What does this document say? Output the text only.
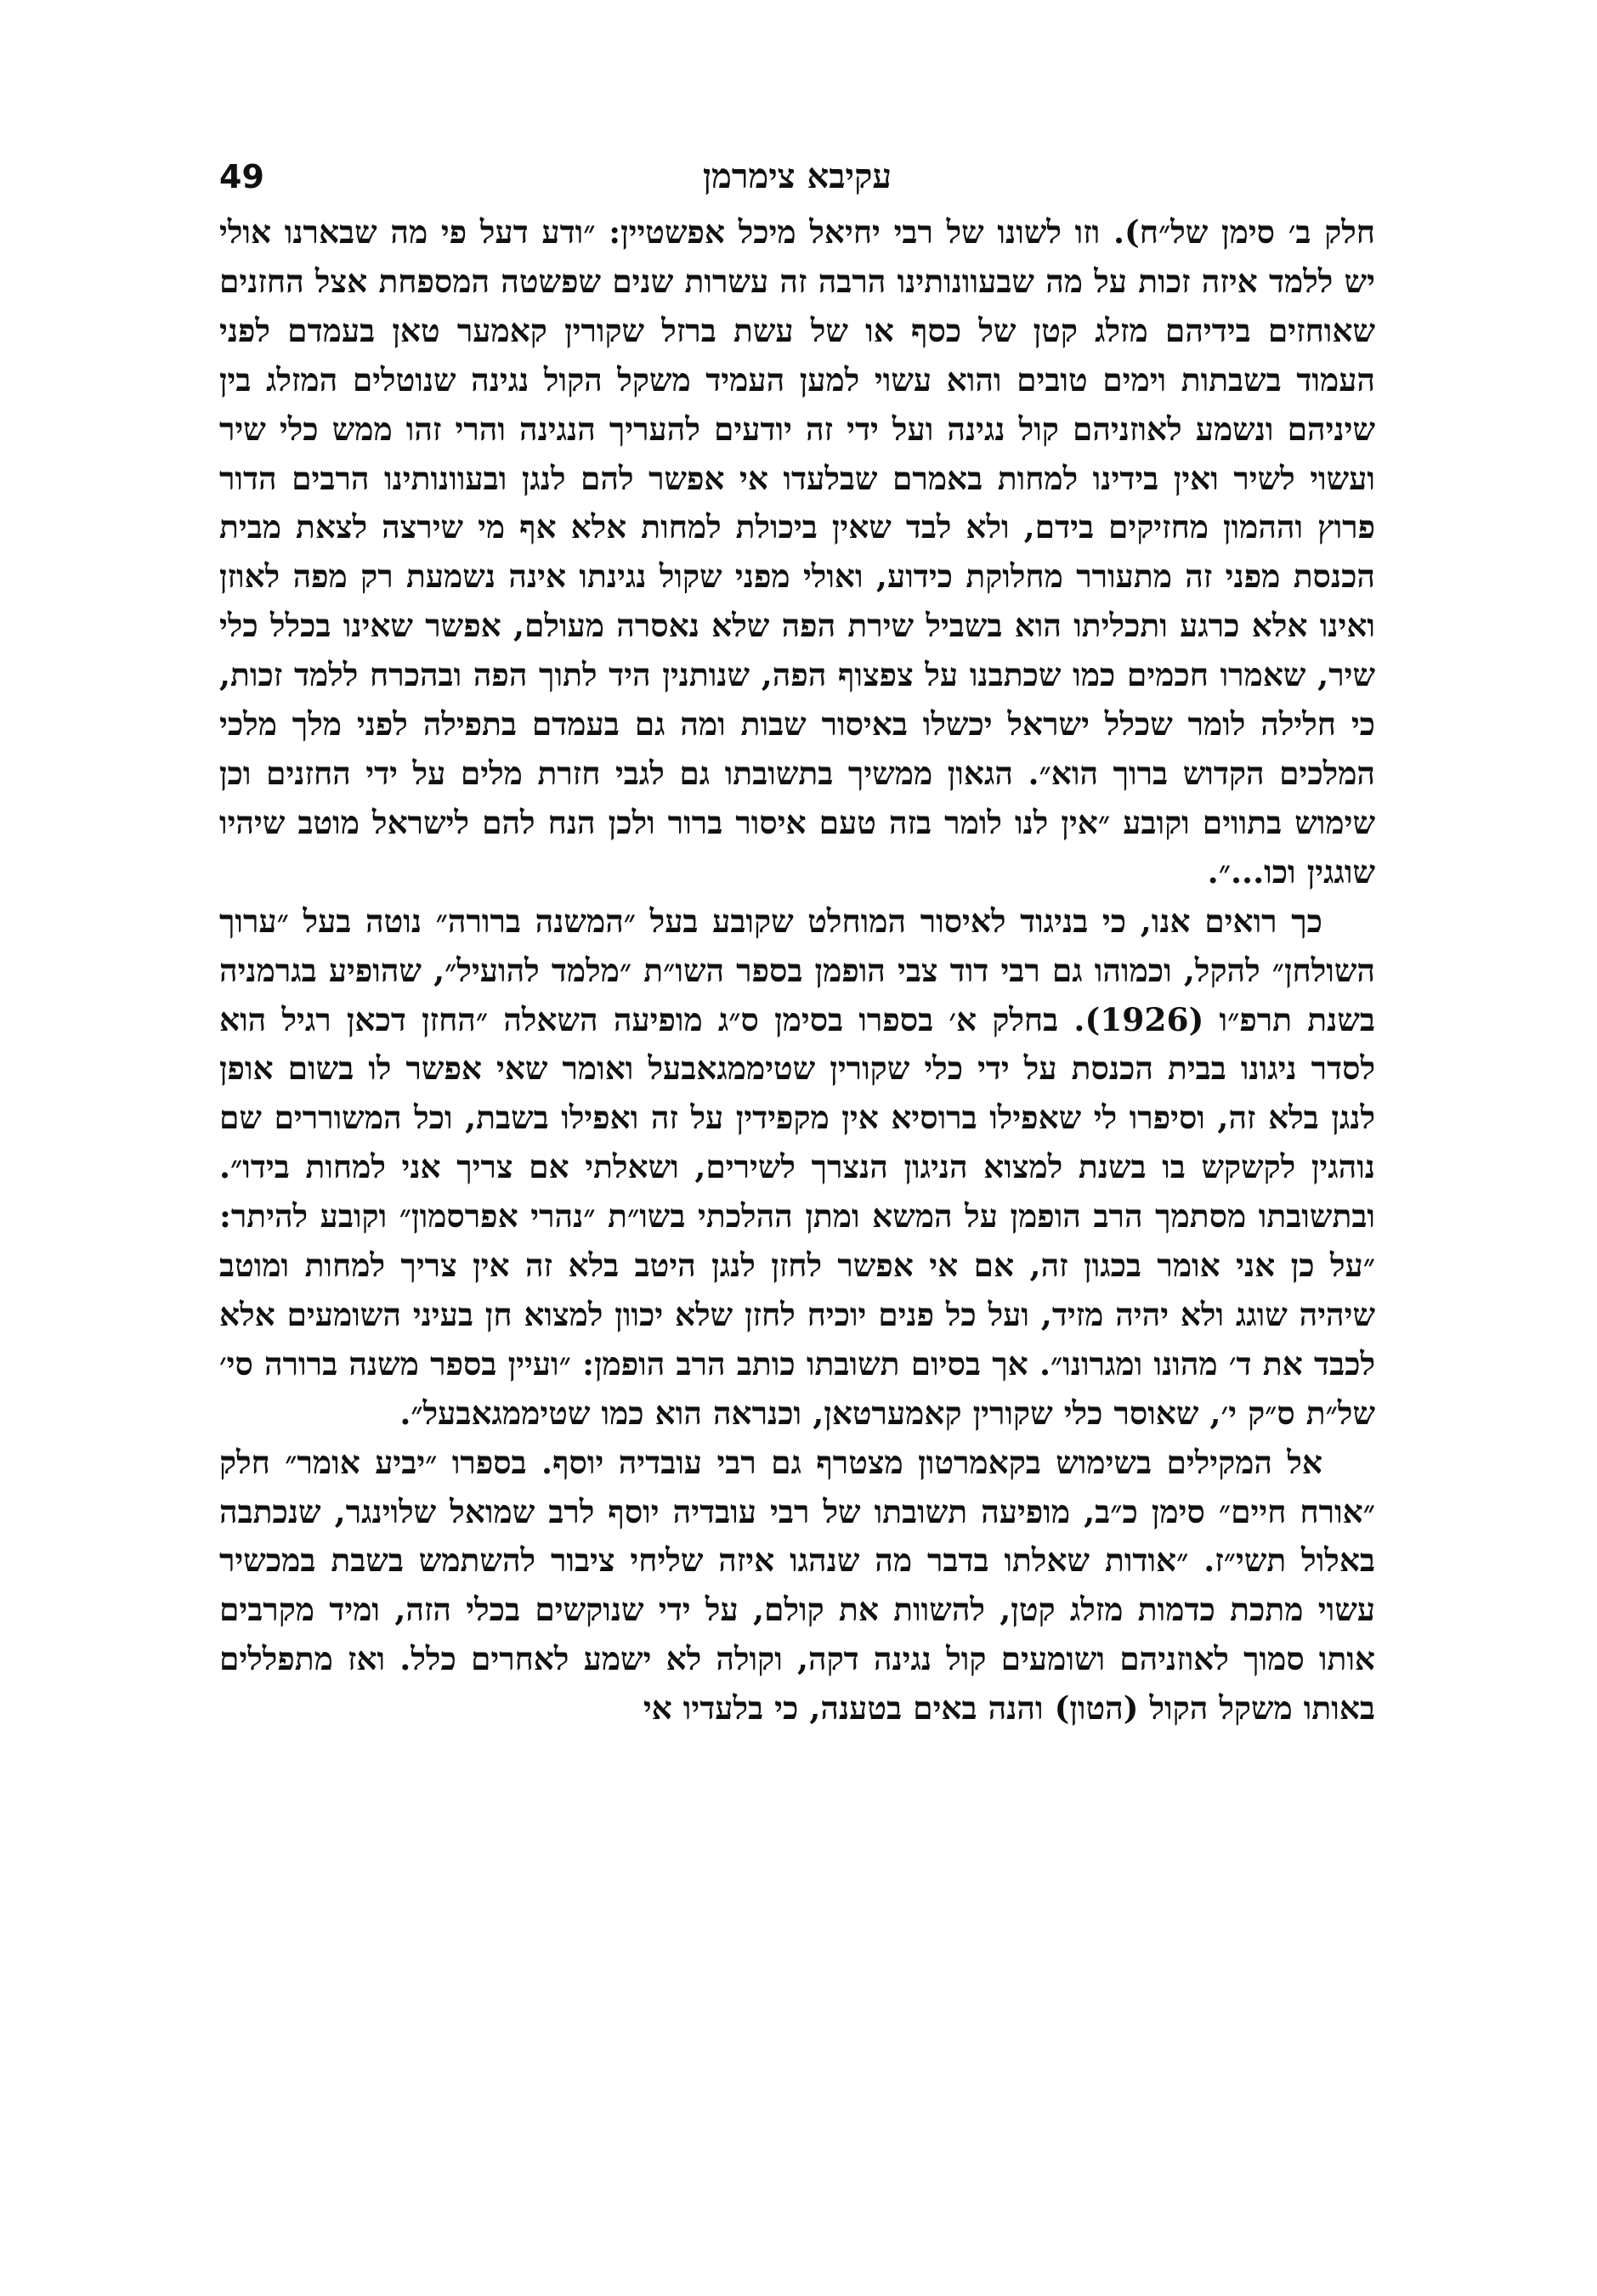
49	עקיבא צימרמן

חלק ב׳ סימן של״ח). וזו לשונו של רבי יחיאל מיכל אפשטיין: ״ודע דעל פי מה שבארנו אולי יש ללמד איזה זכות על מה שבעוונותינו הרבה זה עשרות שנים שפשטה המספחת אצל החזנים שאוחזים בידיהם מזלג קטן של כסף או של עשת ברזל שקורין קאמער טאן בעמדם לפני העמוד בשבתות וימים טובים והוא עשוי למען העמיד משקל הקול נגינה שנוטלים המזלג בין שיניהם ונשמע לאוזניהם קול נגינה ועל ידי זה יודעים להעריך הנגינה והרי זהו ממש כלי שיר ועשוי לשיר ואין בידינו למחות באמרם שבלעדו אי אפשר להם לנגן ובעוונותינו הרבים הדור פרוץ וההמון מחזיקים בידם, ולא לבד שאין ביכולת למחות אלא אף מי שירצה לצאת מבית הכנסת מפני זה מתעורר מחלוקת כידוע, ואולי מפני שקול נגינתו אינה נשמעת רק מפה לאוזן ואינו אלא כרגע ותכליתו הוא בשביל שירת הפה שלא נאסרה מעולם, אפשר שאינו בכלל כלי שיר, שאמרו חכמים כמו שכתבנו על צפצוף הפה, שנותנין היד לתוך הפה ובהכרח ללמד זכות, כי חלילה לומר שכלל ישראל יכשלו באיסור שבות ומה גם בעמדם בתפילה לפני מלך מלכי המלכים הקדוש ברוך הוא״. הגאון ממשיך בתשובתו גם לגבי חזרת מלים על ידי החזנים וכן שימוש בתווים וקובע ״אין לנו לומר בזה טעם איסור ברור ולכן הנח להם לישראל מוטב שיהיו שוגגין וכו...״.

כך רואים אנו, כי בניגוד לאיסור המוחלט שקובע בעל ״המשנה ברורה״ נוטה בעל ״ערוך השולחן״ להקל, וכמוהו גם רבי דוד צבי הופמן בספר השו״ת ״מלמד להועיל״, שהופיע בגרמניה בשנת תרפ״ו (1926). בחלק א׳ בספרו בסימן ס״ג מופיעה השאלה ״החזן דכאן רגיל הוא לסדר ניגונו בבית הכנסת על ידי כלי שקורין שטיממגאבעל ואומר שאי אפשר לו בשום אופן לנגן בלא זה, וסיפרו לי שאפילו ברוסיא אין מקפידין על זה ואפילו בשבת, וכל המשוררים שם נוהגין לקשקש בו בשנת למצוא הניגון הנצרך לשירים, ושאלתי אם צריך אני למחות בידו״. ובתשובתו מסתמך הרב הופמן על המשא ומתן ההלכתי בשו״ת ״נהרי אפרסמון״ וקובע להיתר: ״על כן אני אומר בכגון זה, אם אי אפשר לחזן לנגן היטב בלא זה אין צריך למחות ומוטב שיהיה שוגג ולא יהיה מזיד, ועל כל פנים יוכיח לחזן שלא יכוון למצוא חן בעיני השומעים אלא לכבד את ד׳ מהונו ומגרונו״. אך בסיום תשובתו כותב הרב הופמן: ״ועיין בספר משנה ברורה סי׳ של״ת ס״ק י׳, שאוסר כלי שקורין קאמערטאן, וכנראה הוא כמו שטיממגאבעל״.

אל המקילים בשימוש בקאמרטון מצטרף גם רבי עובדיה יוסף. בספרו ״יביע אומר״ חלק ״אורח חיים״ סימן כ״ב, מופיעה תשובתו של רבי עובדיה יוסף לרב שמואל שלוינגר, שנכתבה באלול תשי״ז. ״אודות שאלתו בדבר מה שנהגו איזה שליחי ציבור להשתמש בשבת במכשיר עשוי מתכת כדמות מזלג קטן, להשוות את קולם, על ידי שנוקשים בכלי הזה, ומיד מקרבים אותו סמוך לאוזניהם ושומעים קול נגינה דקה, וקולה לא ישמע לאחרים כלל. ואז מתפללים באותו משקל הקול (הטון) והנה באים בטענה, כי בלעדיו אי
